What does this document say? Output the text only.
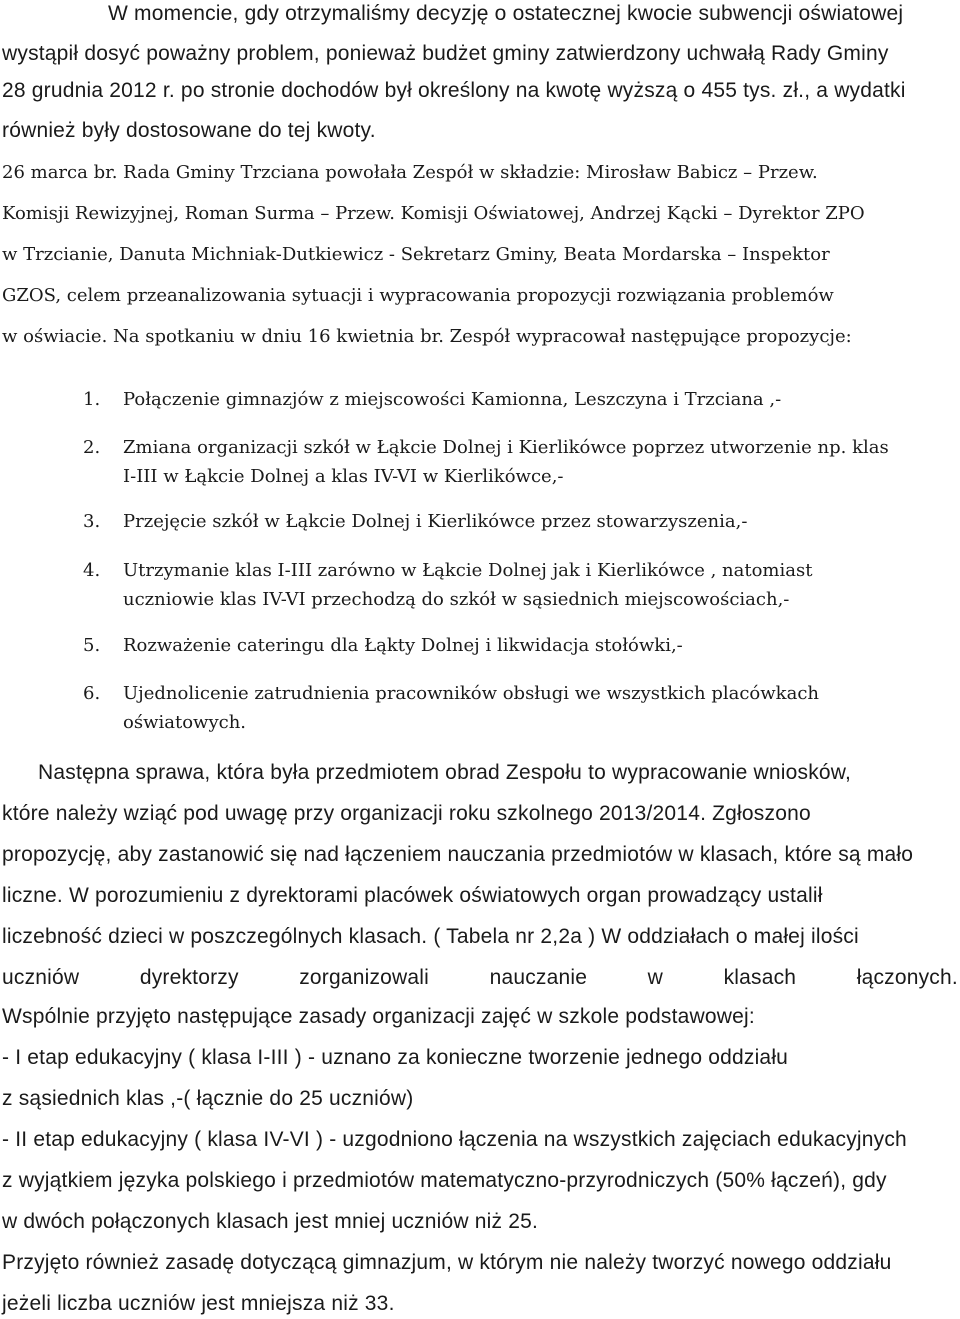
W momencie, gdy otrzymaliśmy decyzję o ostatecznej kwocie subwencji oświatowej
wystąpił dosyć poważny problem, ponieważ budżet gminy zatwierdzony uchwałą Rady Gminy
28 grudnia 2012 r. po stronie dochodów był określony na kwotę wyższą o 455 tys. zł., a wydatki
również były dostosowane do tej kwoty.
26 marca br. Rada Gminy Trzciana powołała Zespół w składzie: Mirosław Babicz – Przew.
Komisji Rewizyjnej, Roman Surma – Przew. Komisji Oświatowej, Andrzej Kącki – Dyrektor ZPO
w Trzcianie, Danuta Michniak-Dutkiewicz - Sekretarz Gminy, Beata Mordarska – Inspektor
GZOS, celem przeanalizowania sytuacji i wypracowania propozycji rozwiązania problemów
w oświacie. Na spotkaniu w dniu 16 kwietnia br. Zespół wypracował następujące propozycje:
1. Połączenie gimnazjów z miejscowości Kamionna, Leszczyna i Trzciana ,-
2. Zmiana organizacji szkół w Łąkcie Dolnej i Kierlikówce poprzez utworzenie np. klas
I-III w Łąkcie Dolnej a klas IV-VI w Kierlikówce,-
3. Przejęcie szkół w Łąkcie Dolnej i Kierlikówce przez stowarzyszenia,-
4. Utrzymanie klas I-III zarówno w Łąkcie Dolnej jak i Kierlikówce , natomiast
uczniowie klas IV-VI przechodzą do szkół w sąsiednich miejscowościach,-
5. Rozważenie cateringu dla Łąkty Dolnej i likwidacja stołówki,-
6. Ujednolicenie zatrudnienia pracowników obsługi we wszystkich placówkach
oświatowych.
Następna sprawa, która była przedmiotem obrad Zespołu to wypracowanie wniosków,
które należy wziąć pod uwagę przy organizacji roku szkolnego 2013/2014. Zgłoszono
propozycję, aby zastanowić się nad łączeniem nauczania przedmiotów w klasach, które są mało
liczne. W porozumieniu z dyrektorami placówek oświatowych organ prowadzący ustalił
liczebność dzieci w poszczególnych klasach. ( Tabela nr 2,2a ) W oddziałach o małej ilości
uczniów	dyrektorzy	zorganizowali	nauczanie	w	klasach	łączonych.
Wspólnie przyjęto następujące zasady organizacji zajęć w szkole podstawowej:
- I etap edukacyjny ( klasa I-III ) - uznano za konieczne tworzenie jednego oddziału
z sąsiednich klas ,-( łącznie do 25 uczniów)
- II etap edukacyjny ( klasa IV-VI ) - uzgodniono łączenia na wszystkich zajęciach edukacyjnych
z wyjątkiem języka polskiego i przedmiotów matematyczno-przyrodniczych (50% łączeń), gdy
w dwóch połączonych klasach jest mniej uczniów niż 25.
Przyjęto również zasadę dotyczącą gimnazjum, w którym nie należy tworzyć nowego oddziału
jeżeli liczba uczniów jest mniejsza niż 33.
